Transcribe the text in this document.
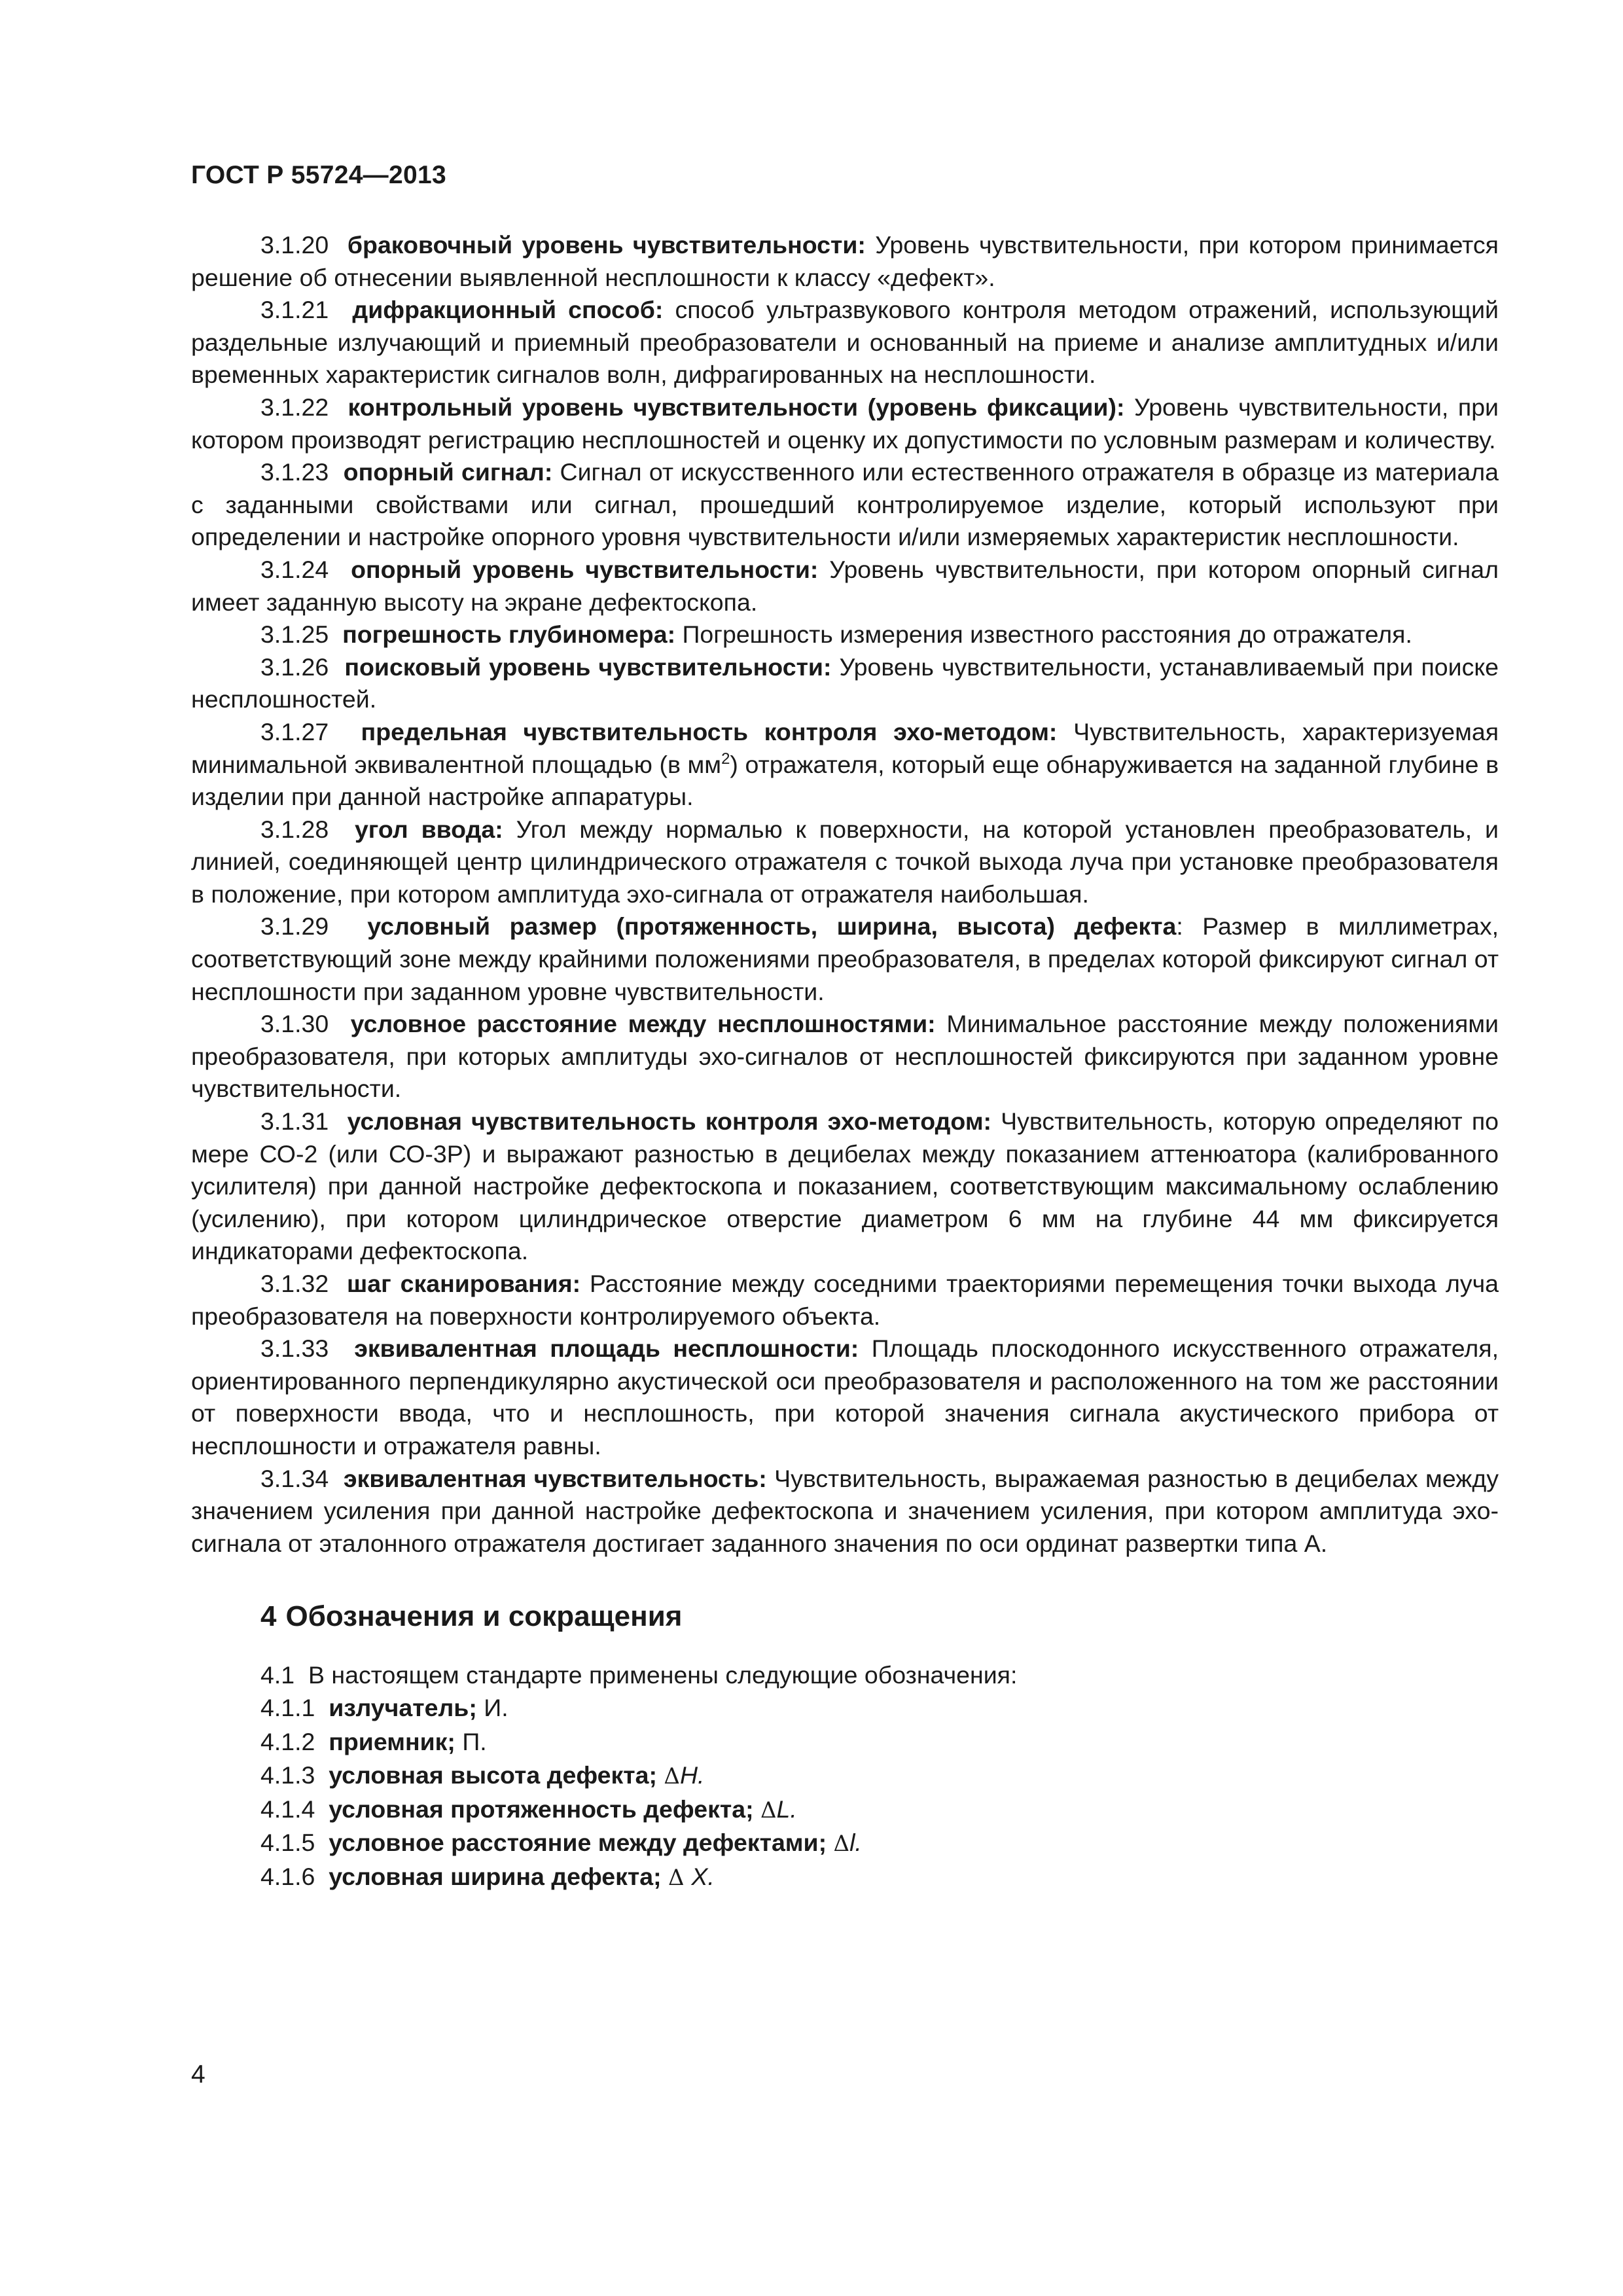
ГОСТ Р 55724—2013

3.1.20 браковочный уровень чувствительности: Уровень чувствительности, при котором принимается решение об отнесении выявленной несплошности к классу «дефект».

3.1.21 дифракционный способ: способ ультразвукового контроля методом отражений, использующий раздельные излучающий и приемный преобразователи и основанный на приеме и анализе амплитудных и/или временных характеристик сигналов волн, дифрагированных на несплошности.

3.1.22 контрольный уровень чувствительности (уровень фиксации): Уровень чувствительности, при котором производят регистрацию несплошностей и оценку их допустимости по условным размерам и количеству.

3.1.23 опорный сигнал: Сигнал от искусственного или естественного отражателя в образце из материала с заданными свойствами или сигнал, прошедший контролируемое изделие, который используют при определении и настройке опорного уровня чувствительности и/или измеряемых характеристик несплошности.

3.1.24 опорный уровень чувствительности: Уровень чувствительности, при котором опорный сигнал имеет заданную высоту на экране дефектоскопа.

3.1.25 погрешность глубиномера: Погрешность измерения известного расстояния до отражателя.

3.1.26 поисковый уровень чувствительности: Уровень чувствительности, устанавливаемый при поиске несплошностей.

3.1.27 предельная чувствительность контроля эхо-методом: Чувствительность, характеризуемая минимальной эквивалентной площадью (в $мм^2$) отражателя, который еще обнаруживается на заданной глубине в изделии при данной настройке аппаратуры.

3.1.28 угол ввода: Угол между нормалью к поверхности, на которой установлен преобразователь, и линией, соединяющей центр цилиндрического отражателя с точкой выхода луча при установке преобразователя в положение, при котором амплитуда эхо-сигнала от отражателя наибольшая.

3.1.29 условный размер (протяженность, ширина, высота) дефекта: Размер в миллиметрах, соответствующий зоне между крайними положениями преобразователя, в пределах которой фиксируют сигнал от несплошности при заданном уровне чувствительности.

3.1.30 условное расстояние между несплошностями: Минимальное расстояние между положениями преобразователя, при которых амплитуды эхо-сигналов от несплошностей фиксируются при заданном уровне чувствительности.

3.1.31 условная чувствительность контроля эхо-методом: Чувствительность, которую определяют по мере СО-2 (или СО-3Р) и выражают разностью в децибелах между показанием аттенюатора (калиброванного усилителя) при данной настройке дефектоскопа и показанием, соответствующим максимальному ослаблению (усилению), при котором цилиндрическое отверстие диаметром 6 мм на глубине 44 мм фиксируется индикаторами дефектоскопа.

3.1.32 шаг сканирования: Расстояние между соседними траекториями перемещения точки выхода луча преобразователя на поверхности контролируемого объекта.

3.1.33 эквивалентная площадь несплошности: Площадь плоскодонного искусственного отражателя, ориентированного перпендикулярно акустической оси преобразователя и расположенного на том же расстоянии от поверхности ввода, что и несплошность, при которой значения сигнала акустического прибора от несплошности и отражателя равны.

3.1.34 эквивалентная чувствительность: Чувствительность, выражаемая разностью в децибелах между значением усиления при данной настройке дефектоскопа и значением усиления, при котором амплитуда эхо-сигнала от эталонного отражателя достигает заданного значения по оси ординат развертки типа А.

4 Обозначения и сокращения
4.1 В настоящем стандарте применены следующие обозначения:
4.1.1 излучатель; И.
4.1.2 приемник; П.
4.1.3 условная высота дефекта; ΔH.
4.1.4 условная протяженность дефекта; ΔL.
4.1.5 условное расстояние между дефектами; Δl.
4.1.6 условная ширина дефекта; Δ X.
4
